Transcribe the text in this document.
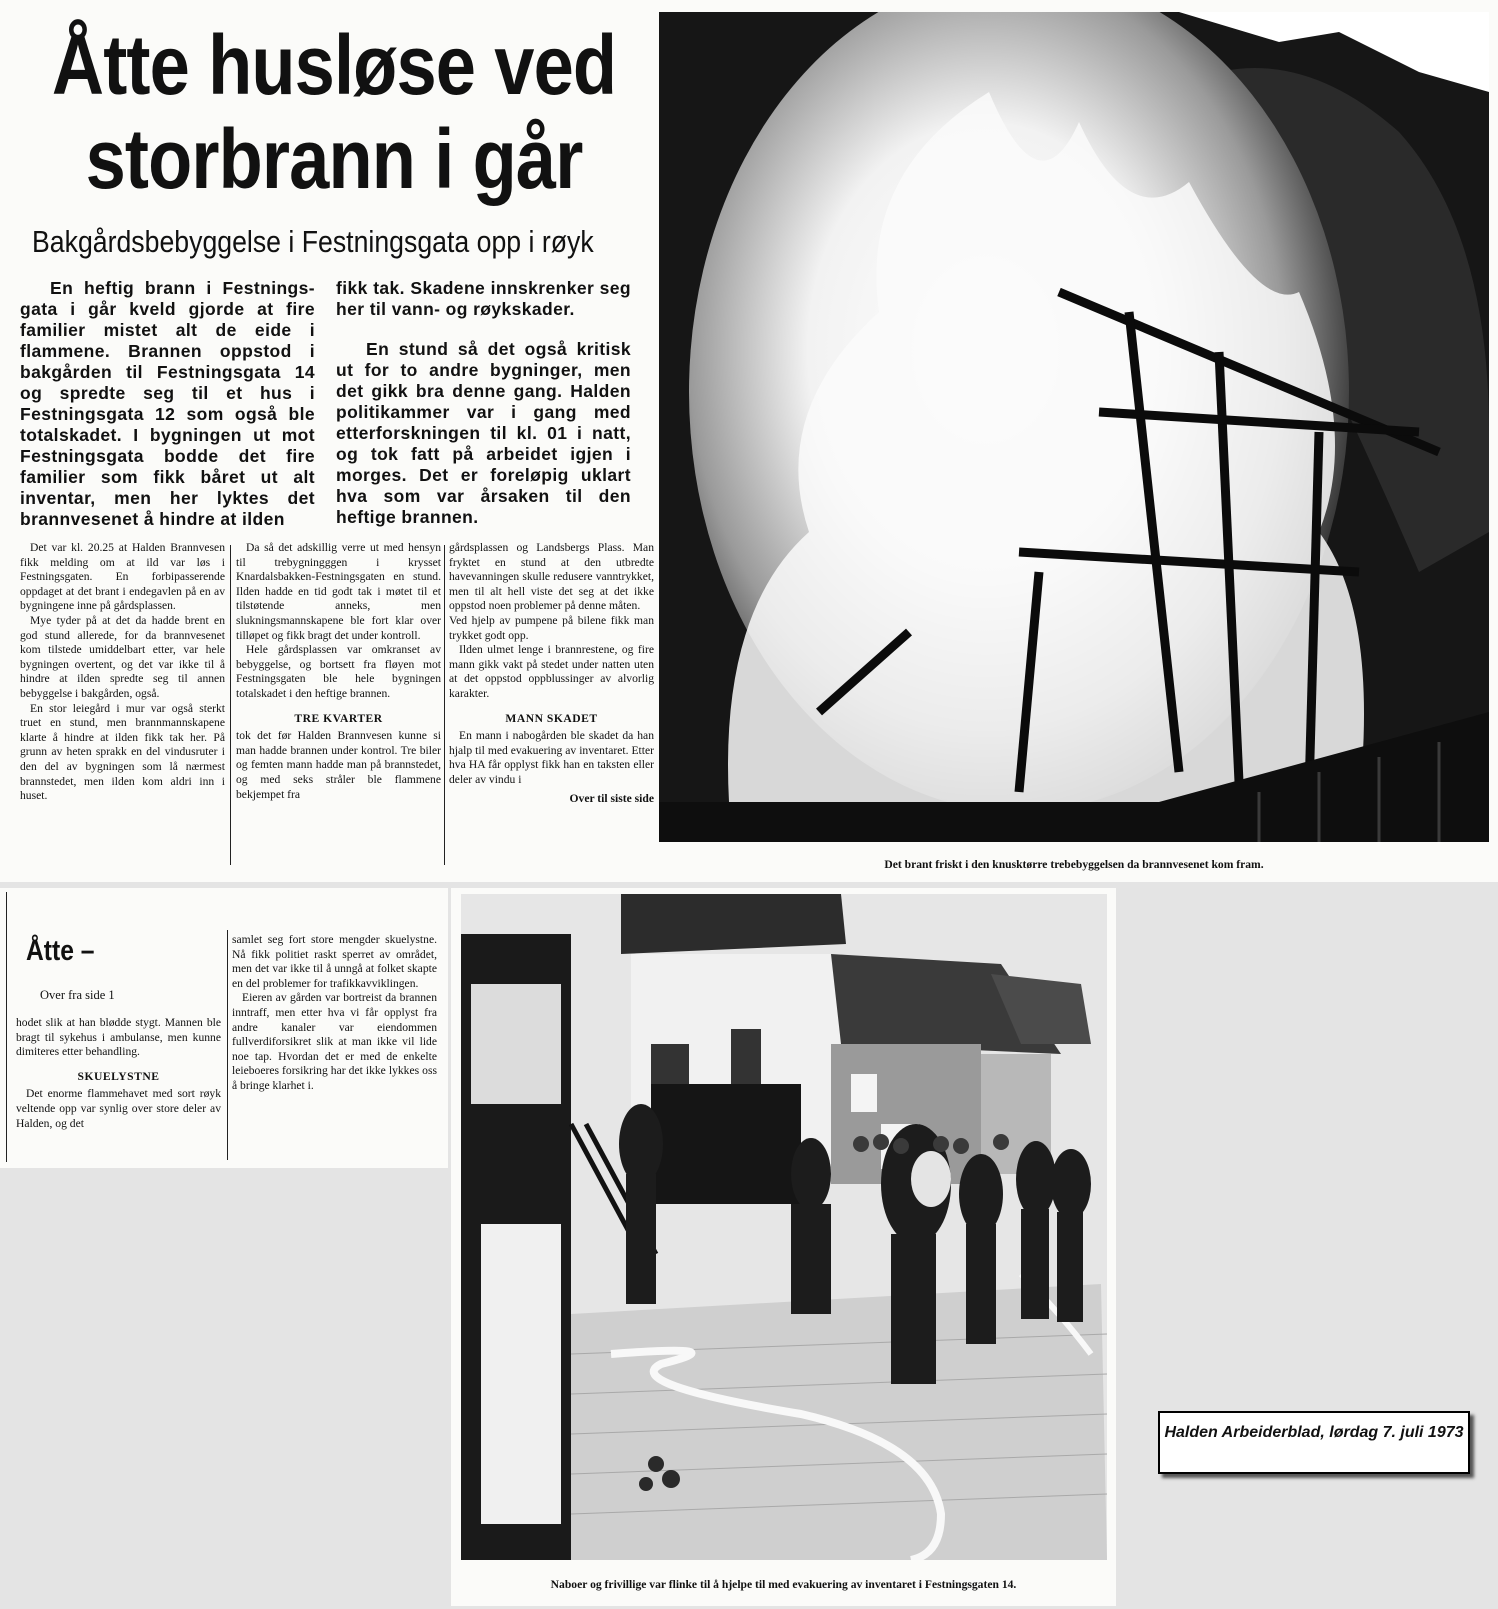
Åtte husløse ved
storbrann i går
Bakgårdsbebyggelse i Festningsgata opp i røyk

En heftig brann i Festnings-gata i går kveld gjorde at fire familier mistet alt de eide i flammene. Brannen oppstod i bakgården til Festningsgata 14 og spredte seg til et hus i Festningsgata 12 som også ble totalskadet. I bygningen ut mot Festningsgata bodde det fire familier som fikk båret ut alt inventar, men her lyktes det brannvesenet å hindre at ilden

fikk tak. Skadene innskrenker seg her til vann- og røykskader.

En stund så det også kritisk ut for to andre bygninger, men det gikk bra denne gang. Halden politikammer var i gang med etterforskningen til kl. 01 i natt, og tok fatt på arbeidet igjen i morges. Det er foreløpig uklart hva som var årsaken til den heftige brannen.

Det var kl. 20.25 at Halden Brannvesen fikk melding om at ild var løs i Festningsgaten. En forbipasserende oppdaget at det brant i endegavlen på en av bygningene inne på gårdsplassen.

Mye tyder på at det da hadde brent en god stund allerede, for da brannvesenet kom tilstede umiddelbart etter, var hele bygningen overtent, og det var ikke til å hindre at ilden spredte seg til annen bebyggelse i bakgården, også.

En stor leiegård i mur var også sterkt truet en stund, men brannmannskapene klarte å hindre at ilden fikk tak her. På grunn av heten sprakk en del vindusruter i den del av bygningen som lå nærmest brannstedet, men ilden kom aldri inn i huset.

Da så det adskillig verre ut med hensyn til trebygningggen i krysset Knardalsbakken-Festningsgaten en stund. Ilden hadde en tid godt tak i møtet til et tilstøtende anneks, men slukningsmannskapene ble fort klar over tilløpet og fikk bragt det under kontroll.

Hele gårdsplassen var omkranset av bebyggelse, og bortsett fra fløyen mot Festningsgaten ble hele bygningen totalskadet i den heftige brannen.

TRE KVARTER

tok det før Halden Brannvesen kunne si man hadde brannen under kontrol. Tre biler og femten mann hadde man på brannstedet, og med seks stråler ble flammene bekjempet fra

gårdsplassen og Landsbergs Plass. Man fryktet en stund at den utbredte havevanningen skulle redusere vanntrykket, men til alt hell viste det seg at det ikke oppstod noen problemer på denne måten.

Ved hjelp av pumpene på bilene fikk man trykket godt opp.

Ilden ulmet lenge i brannrestene, og fire mann gikk vakt på stedet under natten uten at det oppstod oppblussinger av alvorlig karakter.

MANN SKADET

En mann i nabogården ble skadet da han hjalp til med evakuering av inventaret. Etter hva HA får opplyst fikk han en taksten eller deler av vindu i

Over til siste side
Det brant friskt i den knusktørre trebebyggelsen da brannvesenet kom fram.
Åtte –
Over fra side 1

hodet slik at han blødde stygt. Mannen ble bragt til sykehus i ambulanse, men kunne dimiteres etter behandling.

SKUELYSTNE

Det enorme flammehavet med sort røyk veltende opp var synlig over store deler av Halden, og det

samlet seg fort store mengder skuelystne. Nå fikk politiet raskt sperret av området, men det var ikke til å unngå at folket skapte en del problemer for trafikkavviklingen.

Eieren av gården var bortreist da brannen inntraff, men etter hva vi får opplyst fra andre kanaler var eiendommen fullverdiforsikret slik at man ikke vil lide noe tap. Hvordan det er med de enkelte leieboeres forsikring har det ikke lykkes oss å bringe klarhet i.

Naboer og frivillige var flinke til å hjelpe til med evakuering av inventaret i Festningsgaten 14.
Halden Arbeiderblad, lørdag 7. juli 1973
